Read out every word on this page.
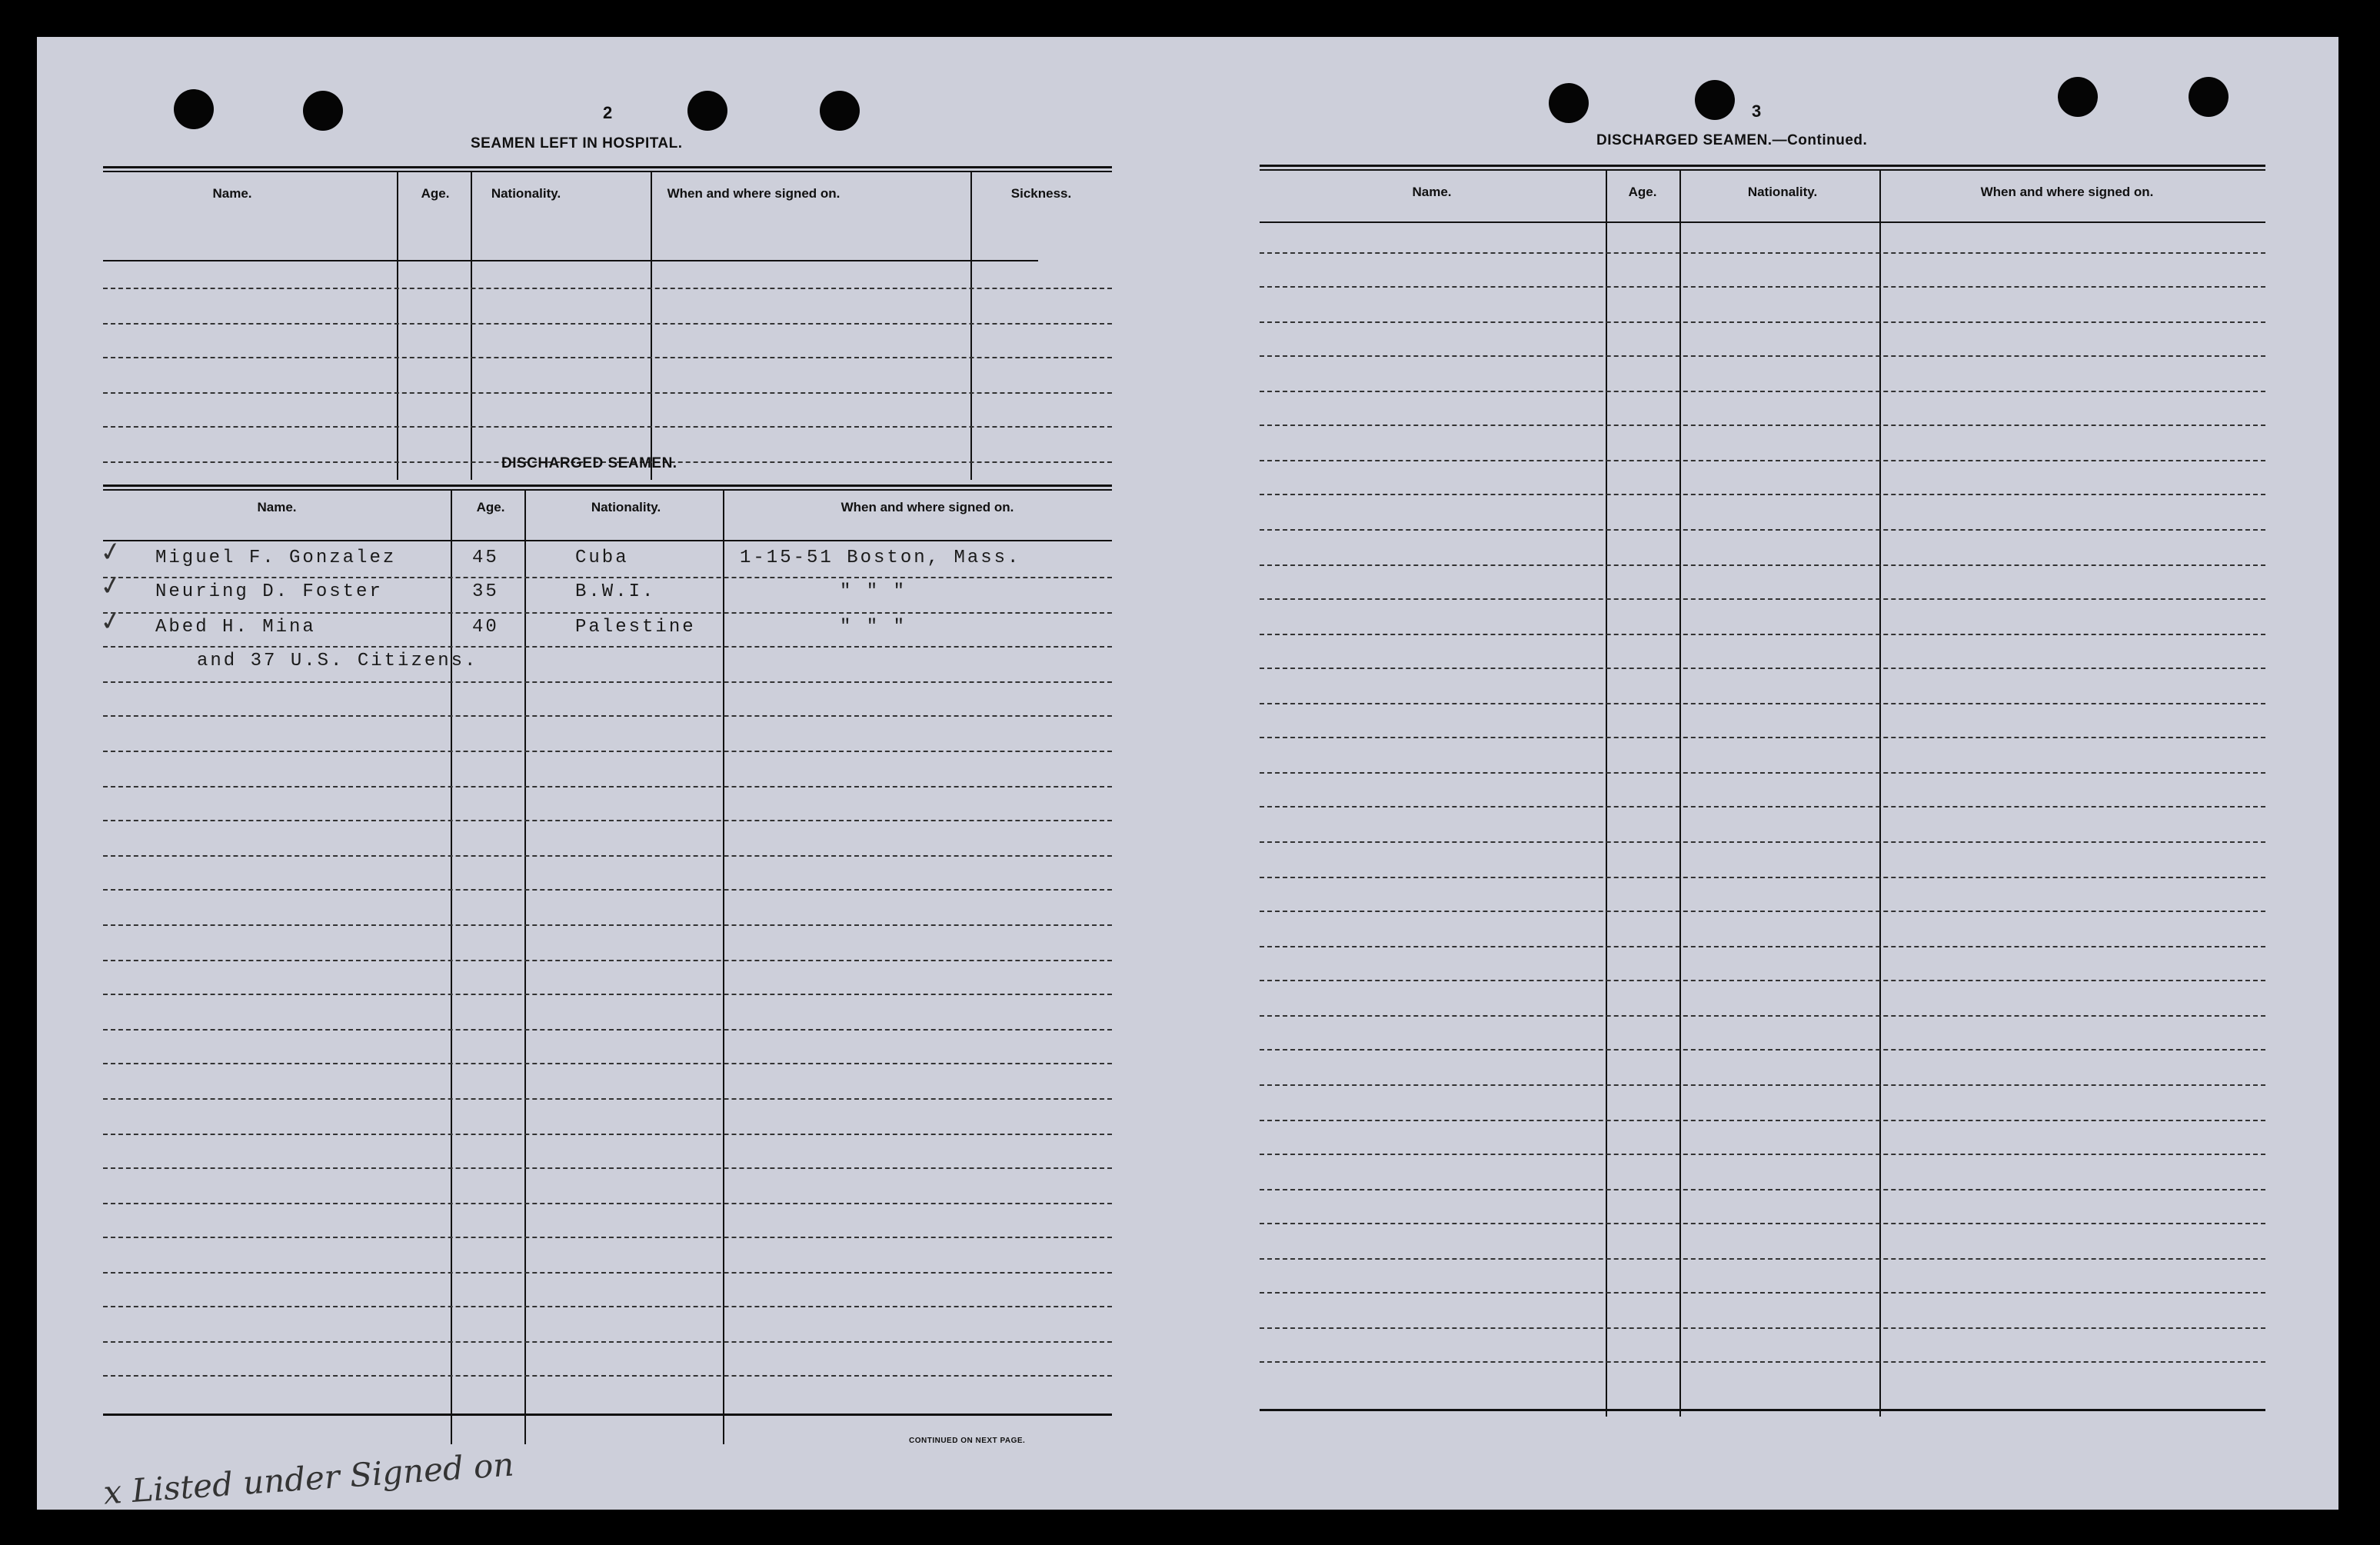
2
SEAMEN LEFT IN HOSPITAL.
Name.	Age.	Nationality.	When and where signed on.	Sickness.
DISCHARGED SEAMEN.
Name.	Age.	Nationality.	When and where signed on.
✓ Miguel F. Gonzalez	45	Cuba	1-15-51 Boston, Mass.
✓ Neuring D. Foster	35	B.W.I.	" " "
✓ Abed H. Mina	40	Palestine	" " "
and 37 U.S. Citizens.
CONTINUED ON NEXT PAGE.
x Listed under Signed on
3
DISCHARGED SEAMEN.—Continued.
Name.	Age.	Nationality.	When and where signed on.
